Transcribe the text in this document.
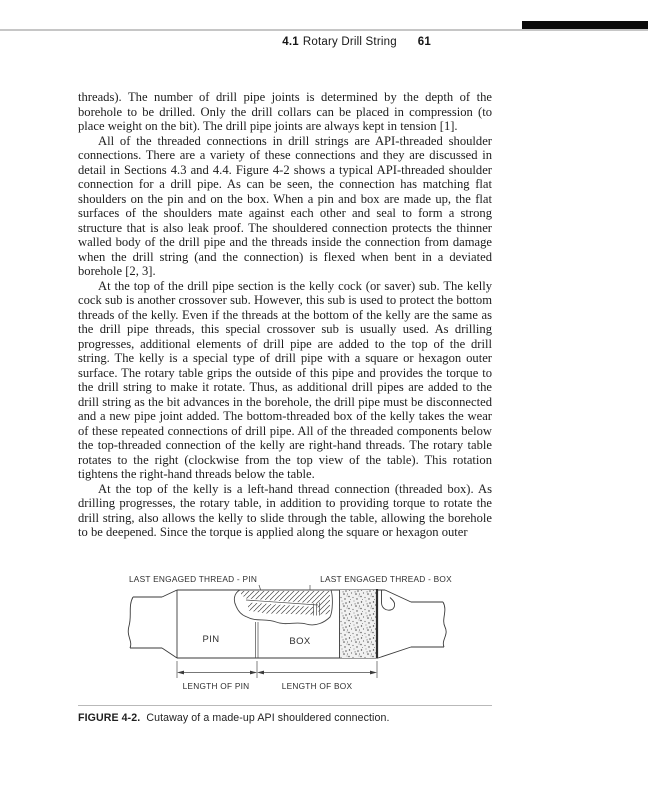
4.1 Rotary Drill String 61

threads). The number of drill pipe joints is determined by the depth of the borehole to be drilled. Only the drill collars can be placed in compression (to place weight on the bit). The drill pipe joints are always kept in tension [1].

All of the threaded connections in drill strings are API-threaded shoulder connections. There are a variety of these connections and they are discussed in detail in Sections 4.3 and 4.4. Figure 4-2 shows a typical API-threaded shoulder connection for a drill pipe. As can be seen, the connection has matching flat shoulders on the pin and on the box. When a pin and box are made up, the flat surfaces of the shoulders mate against each other and seal to form a strong structure that is also leak proof. The shouldered connection protects the thinner walled body of the drill pipe and the threads inside the connection from damage when the drill string (and the connection) is flexed when bent in a deviated borehole [2, 3].

At the top of the drill pipe section is the kelly cock (or saver) sub. The kelly cock sub is another crossover sub. However, this sub is used to protect the bottom threads of the kelly. Even if the threads at the bottom of the kelly are the same as the drill pipe threads, this special crossover sub is usually used. As drilling progresses, additional elements of drill pipe are added to the top of the drill string. The kelly is a special type of drill pipe with a square or hexagon outer surface. The rotary table grips the outside of this pipe and provides the torque to the drill string to make it rotate. Thus, as additional drill pipes are added to the drill string as the bit advances in the borehole, the drill pipe must be disconnected and a new pipe joint added. The bottom-threaded box of the kelly takes the wear of these repeated connections of drill pipe. All of the threaded components below the top-threaded connection of the kelly are right-hand threads. The rotary table rotates to the right (clockwise from the top view of the table). This rotation tightens the right-hand threads below the table.

At the top of the kelly is a left-hand thread connection (threaded box). As drilling progresses, the rotary table, in addition to providing torque to rotate the drill string, also allows the kelly to slide through the table, allowing the borehole to be deepened. Since the torque is applied along the square or hexagon outer

LAST ENGAGED THREAD - PIN	LAST ENGAGED THREAD - BOX
PIN	BOX
LENGTH OF PIN	LENGTH OF BOX
FIGURE 4-2. Cutaway of a made-up API shouldered connection.
